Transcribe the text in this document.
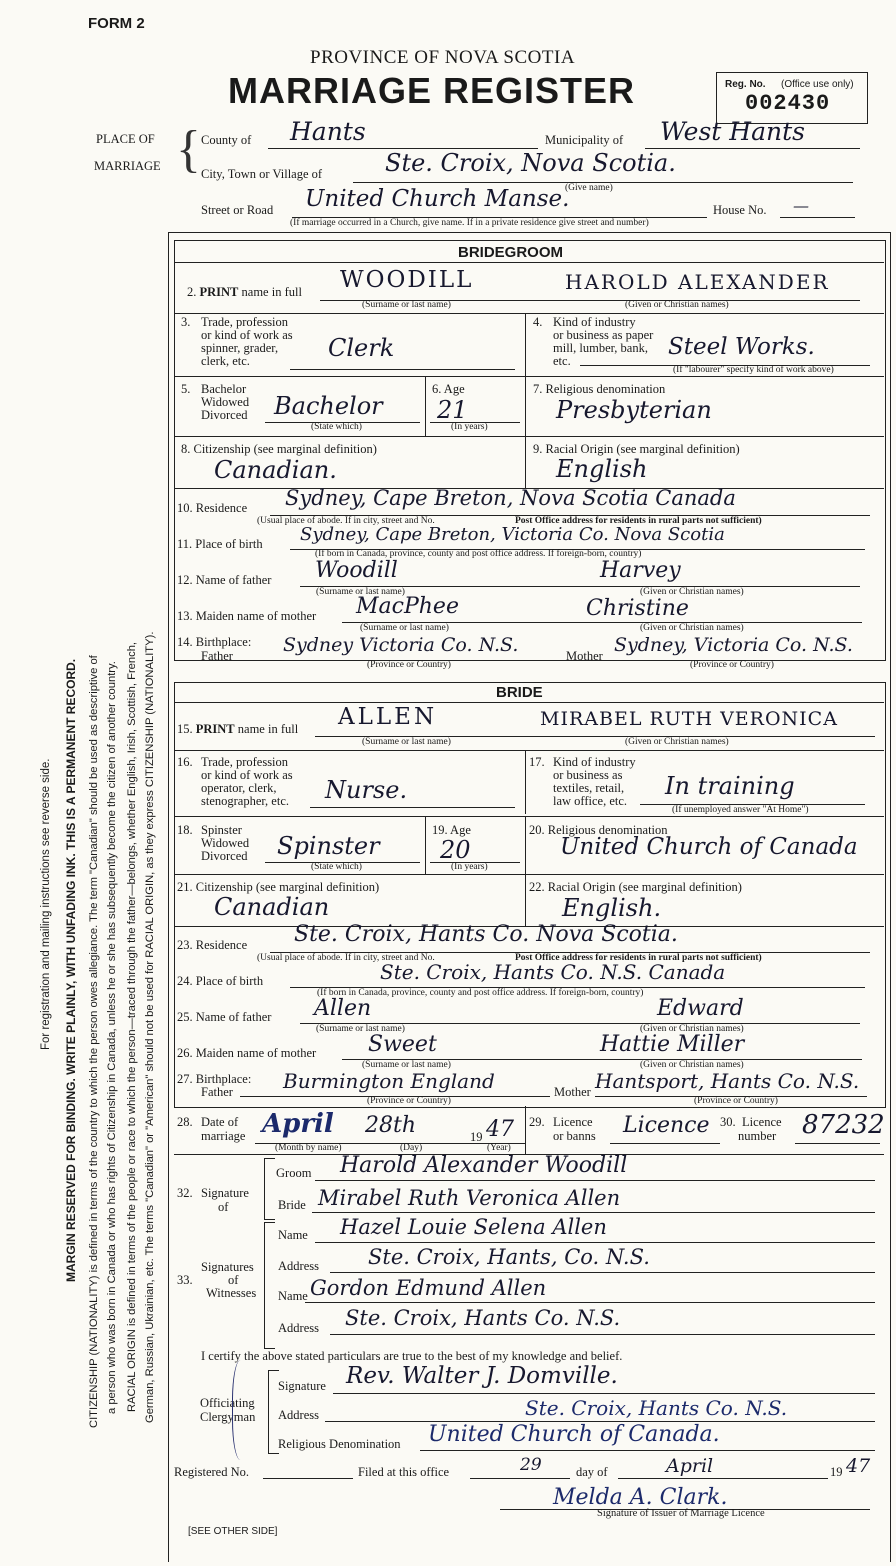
FORM 2
PROVINCE OF NOVA SCOTIA
MARRIAGE REGISTER	Reg. No. (Office use only)
002430
PLACE OF
MARRIAGE { County of Hants	Municipality of West Hants
City, Town or Village of	Ste. Croix, Nova Scotia.
(Give name)
Street or Road United Church Manse.	House No. —
(If marriage occurred in a Church, give name. If in a private residence give street and number)
For registration and mailing instructions see reverse side. MARGIN RESERVED FOR BINDING. WRITE PLAINLY, WITH UNFADING INK. THIS IS A PERMANENT RECORD. CITIZENSHIP (NATIONALITY) is defined in terms of the country to which the person owes allegiance. The term "Canadian" should be used as descriptive of a person who was born in Canada or who has rights of Citizenship in Canada, unless he or she has subsequently become the citizen of another country. RACIAL ORIGIN is defined in terms of the people or race to which the person—traced through the father—belongs, whether English, Irish, Scottish, French, German, Russian, Ukrainian, etc. The terms "Canadian" or "American" should not be used for RACIAL ORIGIN, as they express CITIZENSHIP (NATIONALITY).
BRIDEGROOM
2. PRINT name in full WOODILL	HAROLD ALEXANDER
(Surname or last name)	(Given or Christian names)
3. Trade, profession
or kind of work as
spinner, grader,
clerk, etc.	Clerk
4. Kind of industry
or business as paper
mill, lumber, bank,
etc.
Steel Works.
(If "labourer" specify kind of work above)
5. Bachelor
Widowed
Divorced Bachelor
(State which)
6. Age
21
(In years)
7. Religious denomination
Presbyterian
8. Citizenship (see marginal definition)
Canadian.
9. Racial Origin (see marginal definition)
English
10. Residence Sydney, Cape Breton, Nova Scotia Canada
(Usual place of abode. If in city, street and No.	Post Office address for residents in rural parts not sufficient)
11. Place of birth Sydney, Cape Breton, Victoria Co. Nova Scotia
(If born in Canada, province, county and post office address. If foreign-born, country)
12. Name of father Woodill	Harvey
(Surname or last name)	(Given or Christian names)
13. Maiden name of mother MacPhee	Christine
(Surname or last name)	(Given or Christian names)
14. Birthplace:
Father	Sydney Victoria Co. N.S.	Mother Sydney, Victoria Co. N.S.
(Province or Country)	(Province or Country)
BRIDE
15. PRINT name in full ALLEN	MIRABEL RUTH VERONICA
(Surname or last name)	(Given or Christian names)
16. Trade, profession
or kind of work as
operator, clerk,
stenographer, etc. Nurse.
17. Kind of industry
or business as
textiles, retail,
law office, etc.
In training
(If unemployed answer "At Home")
18. Spinster
Widowed
Divorced Spinster
(State which)
19. Age
20
(In years)
20. Religious denomination
United Church of Canada
21. Citizenship (see marginal definition)
Canadian
22. Racial Origin (see marginal definition)
English.
23. Residence Ste. Croix, Hants Co. Nova Scotia.
(Usual place of abode. If in city, street and No.	Post Office address for residents in rural parts not sufficient)
24. Place of birth	Ste. Croix, Hants Co. N.S. Canada
(If born in Canada, province, county and post office address. If foreign-born, country)
25. Name of father Allen	Edward
(Surname or last name)	(Given or Christian names)
26. Maiden name of mother Sweet	Hattie Miller
(Surname or last name)	(Given or Christian names)
27. Birthplace:
Father	Burmington England	Mother Hantsport, Hants Co. N.S.
(Province or Country)	(Province or Country)
28. Date of
marriage April 28th	19 47
(Month by name)	(Day)	(Year)
29. Licence
or banns Licence 30. Licence
number 87232
32. Signature
of
Groom Harold Alexander Woodill
Bride Mirabel Ruth Veronica Allen
33.
Signatures
of
Witnesses
Name Hazel Louie Selena Allen
Address Ste. Croix, Hants, Co. N.S.
Name Gordon Edmund Allen
Address Ste. Croix, Hants Co. N.S.
I certify the above stated particulars are true to the best of my knowledge and belief.
Officiating
Clergyman
Signature Rev. Walter J. Domville.
Address	Ste. Croix, Hants Co. N.S.
Religious Denomination United Church of Canada.
Registered No.	Filed at this office	29	day of	April	19 47
Melda A. Clark.
Signature of Issuer of Marriage Licence
[SEE OTHER SIDE]
